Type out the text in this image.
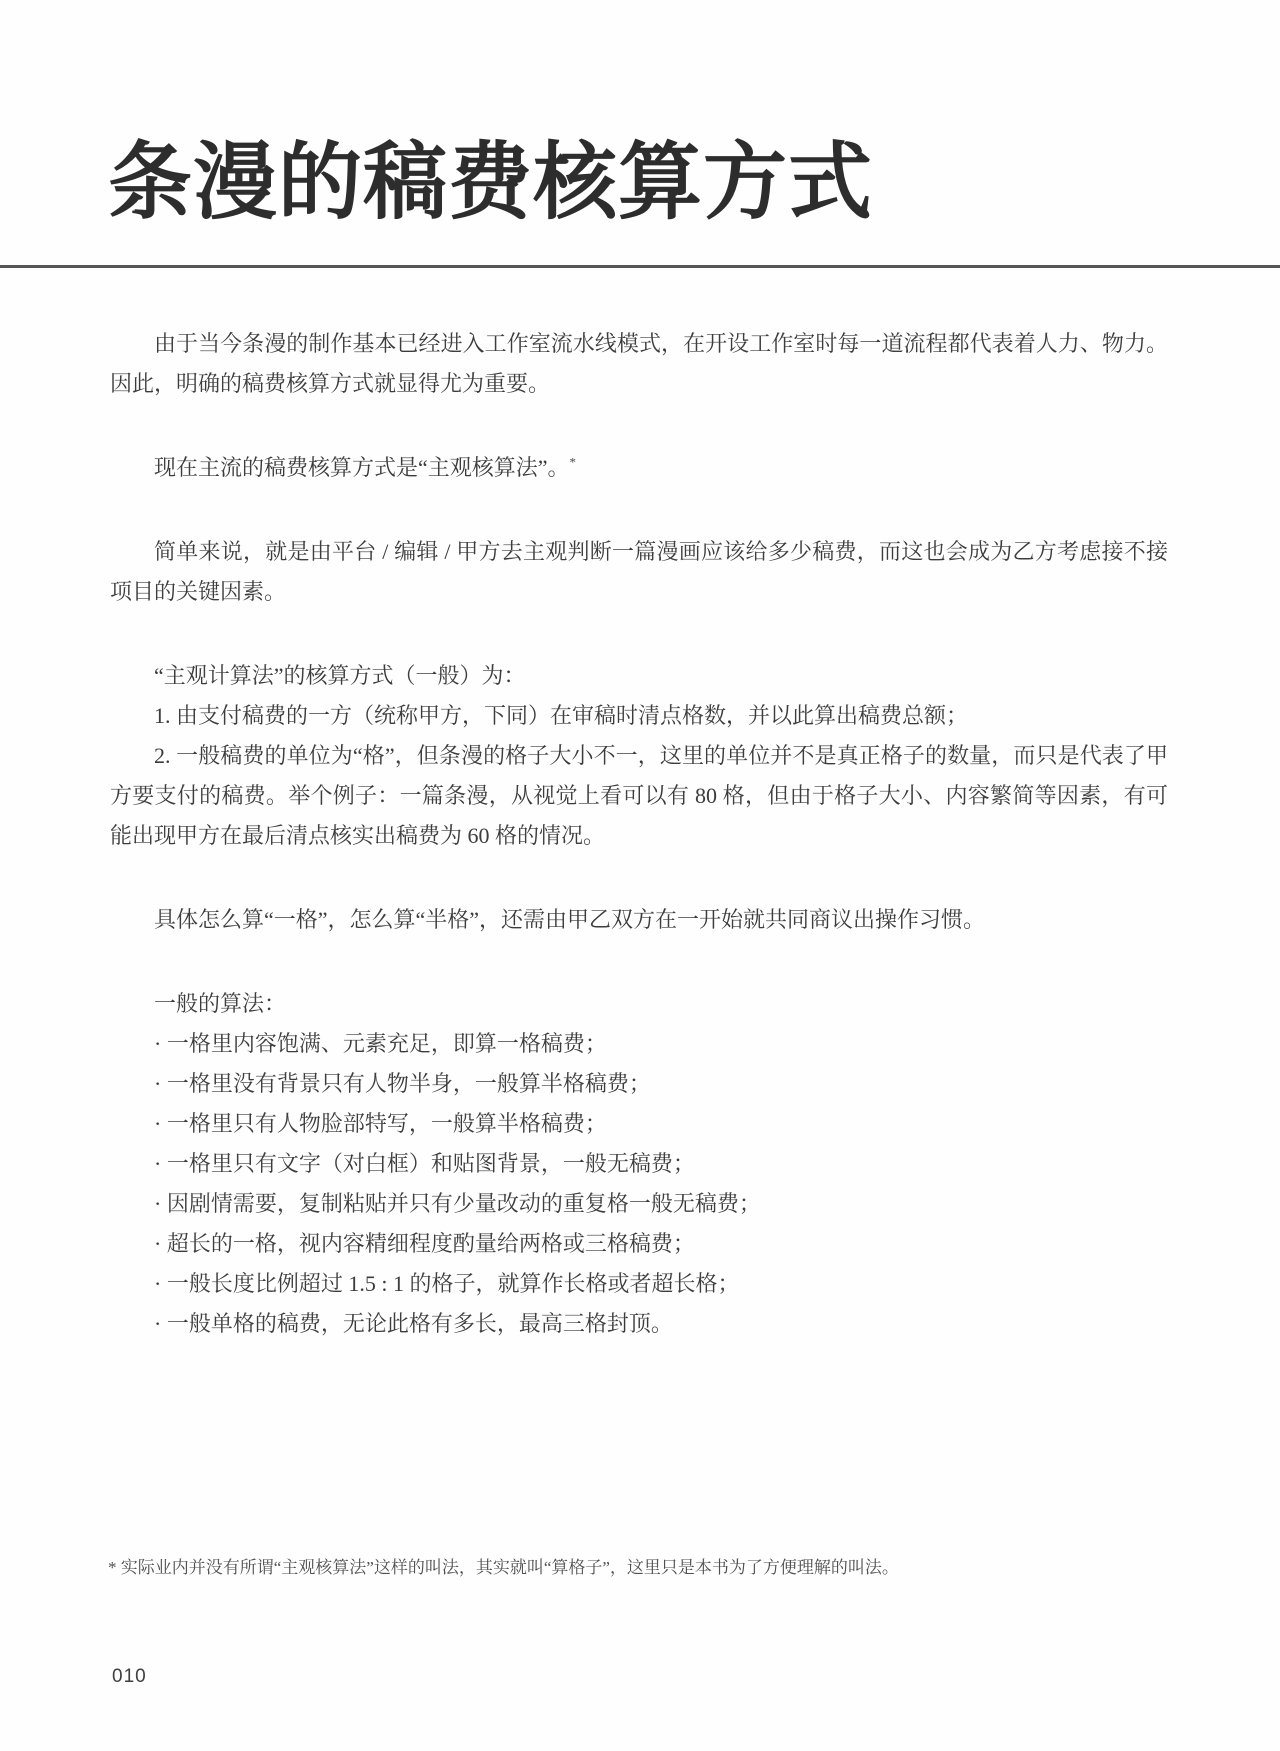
条漫的稿费核算方式

由于当今条漫的制作基本已经进入工作室流水线模式，在开设工作室时每一道流程都代表着人力、物力。因此，明确的稿费核算方式就显得尤为重要。

现在主流的稿费核算方式是“主观核算法”。*

简单来说，就是由平台 / 编辑 / 甲方去主观判断一篇漫画应该给多少稿费，而这也会成为乙方考虑接不接项目的关键因素。

“主观计算法”的核算方式（一般）为：

1. 由支付稿费的一方（统称甲方，下同）在审稿时清点格数，并以此算出稿费总额；

2. 一般稿费的单位为“格”，但条漫的格子大小不一，这里的单位并不是真正格子的数量，而只是代表了甲方要支付的稿费。举个例子：一篇条漫，从视觉上看可以有 80 格，但由于格子大小、内容繁简等因素，有可能出现甲方在最后清点核实出稿费为 60 格的情况。

具体怎么算“一格”，怎么算“半格”，还需由甲乙双方在一开始就共同商议出操作习惯。

一般的算法：

· 一格里内容饱满、元素充足，即算一格稿费；

· 一格里没有背景只有人物半身，一般算半格稿费；

· 一格里只有人物脸部特写，一般算半格稿费；

· 一格里只有文字（对白框）和贴图背景，一般无稿费；

· 因剧情需要，复制粘贴并只有少量改动的重复格一般无稿费；

· 超长的一格，视内容精细程度酌量给两格或三格稿费；

· 一般长度比例超过 1.5 : 1 的格子，就算作长格或者超长格；

· 一般单格的稿费，无论此格有多长，最高三格封顶。

* 实际业内并没有所谓“主观核算法”这样的叫法，其实就叫“算格子”，这里只是本书为了方便理解的叫法。

010
